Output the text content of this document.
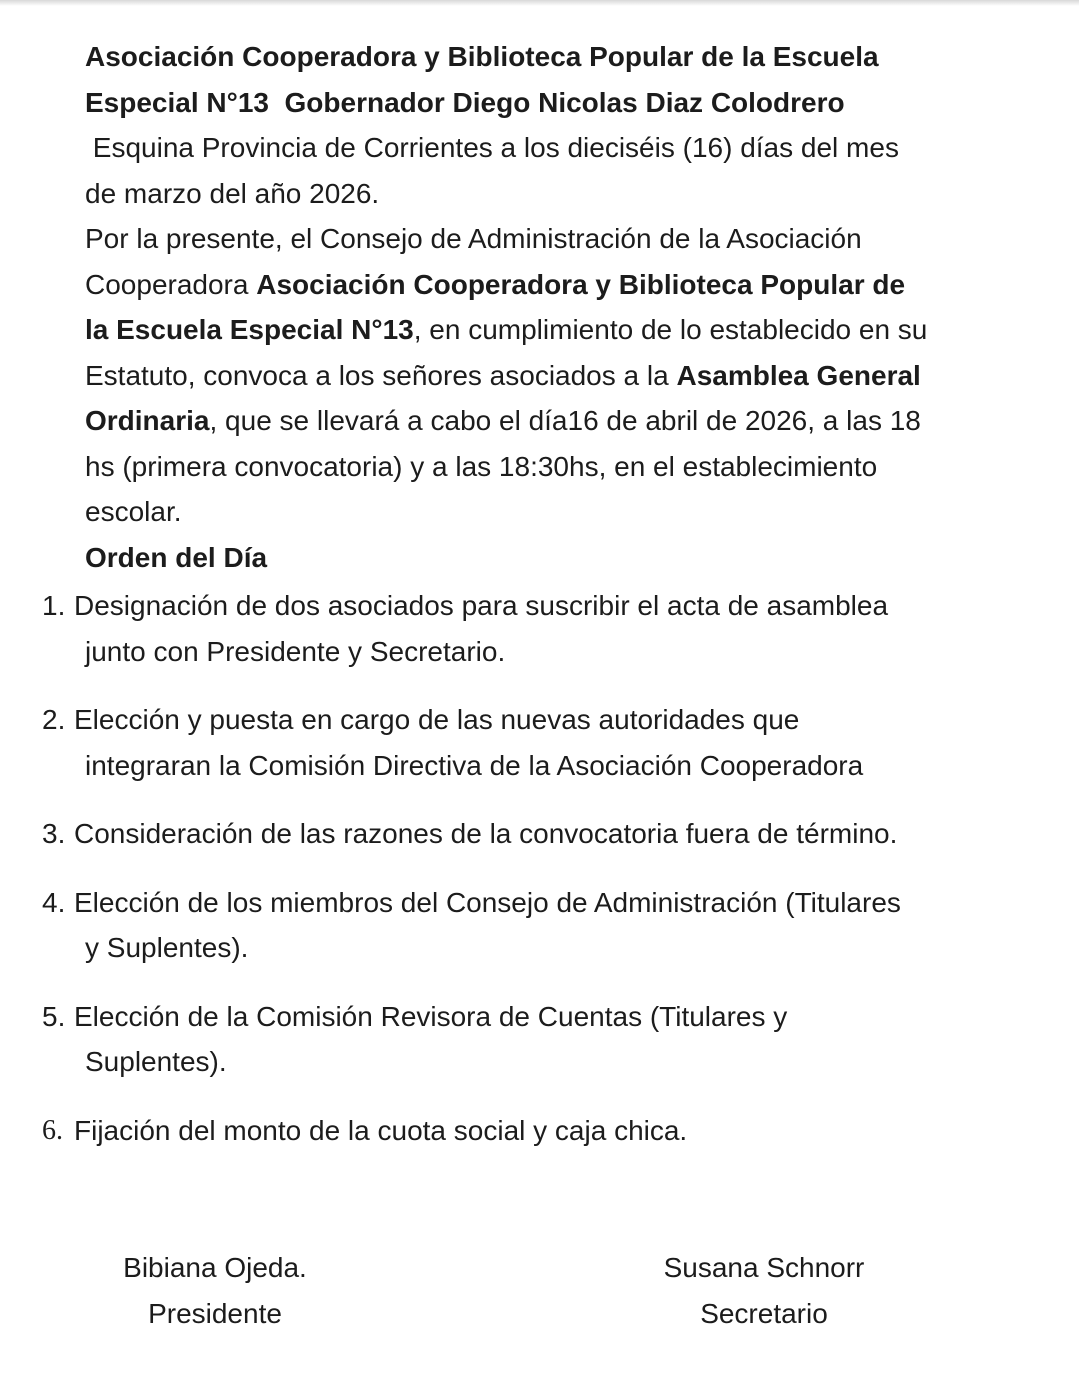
Asociación Cooperadora y Biblioteca Popular de la Escuela
Especial N°13  Gobernador Diego Nicolas Diaz Colodrero
Esquina Provincia de Corrientes a los dieciséis (16) días del mes
de marzo del año 2026.
Por la presente, el Consejo de Administración de la Asociación
Cooperadora Asociación Cooperadora y Biblioteca Popular de
la Escuela Especial N°13, en cumplimiento de lo establecido en su
Estatuto, convoca a los señores asociados a la Asamblea General
Ordinaria, que se llevará a cabo el día16 de abril de 2026, a las 18
hs (primera convocatoria) y a las 18:30hs, en el establecimiento
escolar.
Orden del Día
1. Designación de dos asociados para suscribir el acta de asamblea
junto con Presidente y Secretario.
2. Elección y puesta en cargo de las nuevas autoridades que
integraran la Comisión Directiva de la Asociación Cooperadora
3. Consideración de las razones de la convocatoria fuera de término.
4. Elección de los miembros del Consejo de Administración (Titulares
y Suplentes).
5. Elección de la Comisión Revisora de Cuentas (Titulares y
Suplentes).
6. Fijación del monto de la cuota social y caja chica.
Bibiana Ojeda.
Presidente
Susana Schnorr
Secretario
